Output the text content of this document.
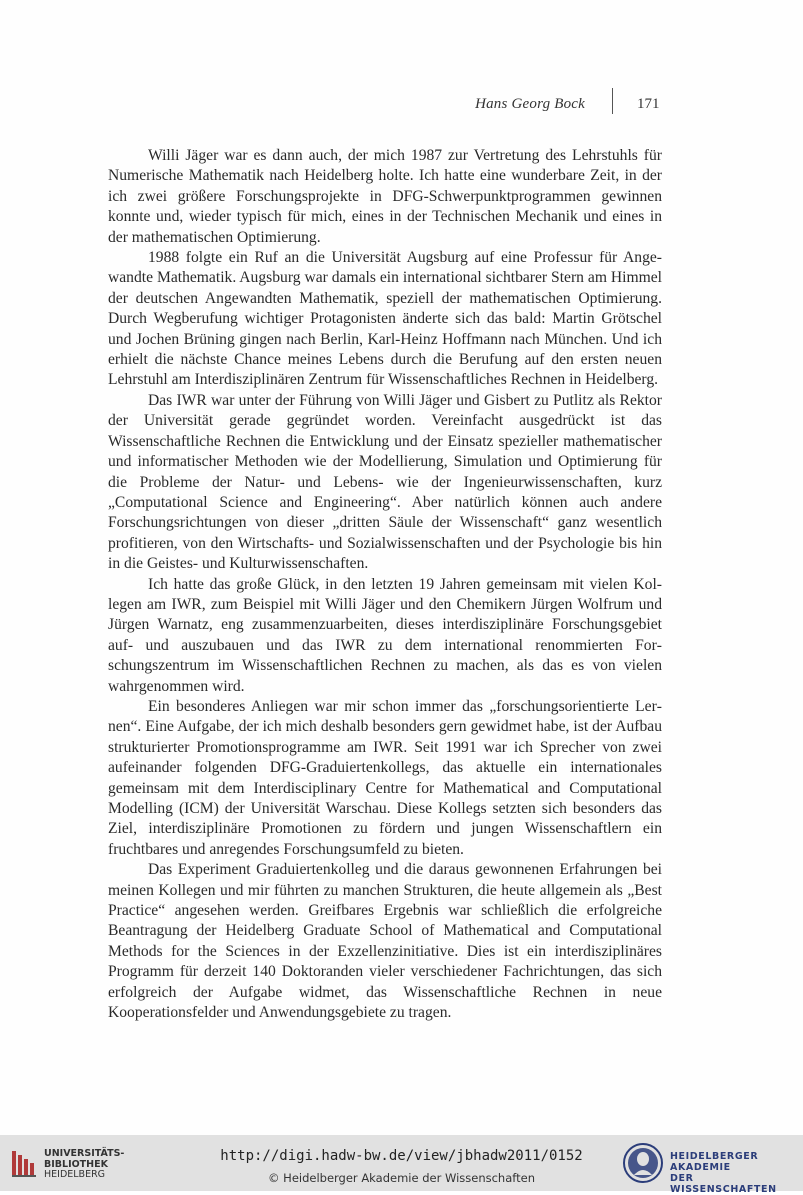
Hans Georg Bock	171

Willi Jäger war es dann auch, der mich 1987 zur Vertretung des Lehrstuhls für Numerische Mathematik nach Heidelberg holte. Ich hatte eine wunderbare Zeit, in der ich zwei größere Forschungsprojekte in DFG-Schwerpunktprogrammen gewinnen konnte und, wieder typisch für mich, eines in der Technischen Mechanik und eines in der mathematischen Optimierung.

1988 folgte ein Ruf an die Universität Augsburg auf eine Professur für Angewandte Mathematik. Augsburg war damals ein international sichtbarer Stern am Himmel der deutschen Angewandten Mathematik, speziell der mathematischen Optimierung. Durch Wegberufung wichtiger Protagonisten änderte sich das bald: Martin Grötschel und Jochen Brüning gingen nach Berlin, Karl-Heinz Hoffmann nach München. Und ich erhielt die nächste Chance meines Lebens durch die Berufung auf den ersten neuen Lehrstuhl am Interdisziplinären Zentrum für Wissenschaftliches Rechnen in Heidelberg.

Das IWR war unter der Führung von Willi Jäger und Gisbert zu Putlitz als Rektor der Universität gerade gegründet worden. Vereinfacht ausgedrückt ist das Wissenschaftliche Rechnen die Entwicklung und der Einsatz spezieller mathematischer und informatischer Methoden wie der Modellierung, Simulation und Optimierung für die Probleme der Natur- und Lebens- wie der Ingenieurwissenschaften, kurz „Computational Science and Engineering“. Aber natürlich können auch andere Forschungsrichtungen von dieser „dritten Säule der Wissenschaft“ ganz wesentlich profitieren, von den Wirtschafts- und Sozialwissenschaften und der Psychologie bis hin in die Geistes- und Kulturwissenschaften.

Ich hatte das große Glück, in den letzten 19 Jahren gemeinsam mit vielen Kollegen am IWR, zum Beispiel mit Willi Jäger und den Chemikern Jürgen Wolfrum und Jürgen Warnatz, eng zusammenzuarbeiten, dieses interdisziplinäre Forschungsgebiet auf- und auszubauen und das IWR zu dem international renommierten Forschungszentrum im Wissenschaftlichen Rechnen zu machen, als das es von vielen wahrgenommen wird.

Ein besonderes Anliegen war mir schon immer das „forschungsorientierte Lernen“. Eine Aufgabe, der ich mich deshalb besonders gern gewidmet habe, ist der Aufbau strukturierter Promotionsprogramme am IWR. Seit 1991 war ich Sprecher von zwei aufeinander folgenden DFG-Graduiertenkollegs, das aktuelle ein internationales gemeinsam mit dem Interdisciplinary Centre for Mathematical and Computational Modelling (ICM) der Universität Warschau. Diese Kollegs setzten sich besonders das Ziel, interdisziplinäre Promotionen zu fördern und jungen Wissenschaftlern ein fruchtbares und anregendes Forschungsumfeld zu bieten.

Das Experiment Graduiertenkolleg und die daraus gewonnenen Erfahrungen bei meinen Kollegen und mir führten zu manchen Strukturen, die heute allgemein als „Best Practice“ angesehen werden. Greifbares Ergebnis war schließlich die erfolgreiche Beantragung der Heidelberg Graduate School of Mathematical and Computational Methods for the Sciences in der Exzellenzinitiative. Dies ist ein interdisziplinäres Programm für derzeit 140 Doktoranden vieler verschiedener Fachrichtungen, das sich erfolgreich der Aufgabe widmet, das Wissenschaftliche Rechnen in neue Kooperationsfelder und Anwendungsgebiete zu tragen.

UNIVERSITÄTS-
BIBLIOTHEK
HEIDELBERG
http://digi.hadw-bw.de/view/jbhadw2011/0152
© Heidelberger Akademie der Wissenschaften
HEIDELBERGER AKADEMIE
DER WISSENSCHAFTEN
